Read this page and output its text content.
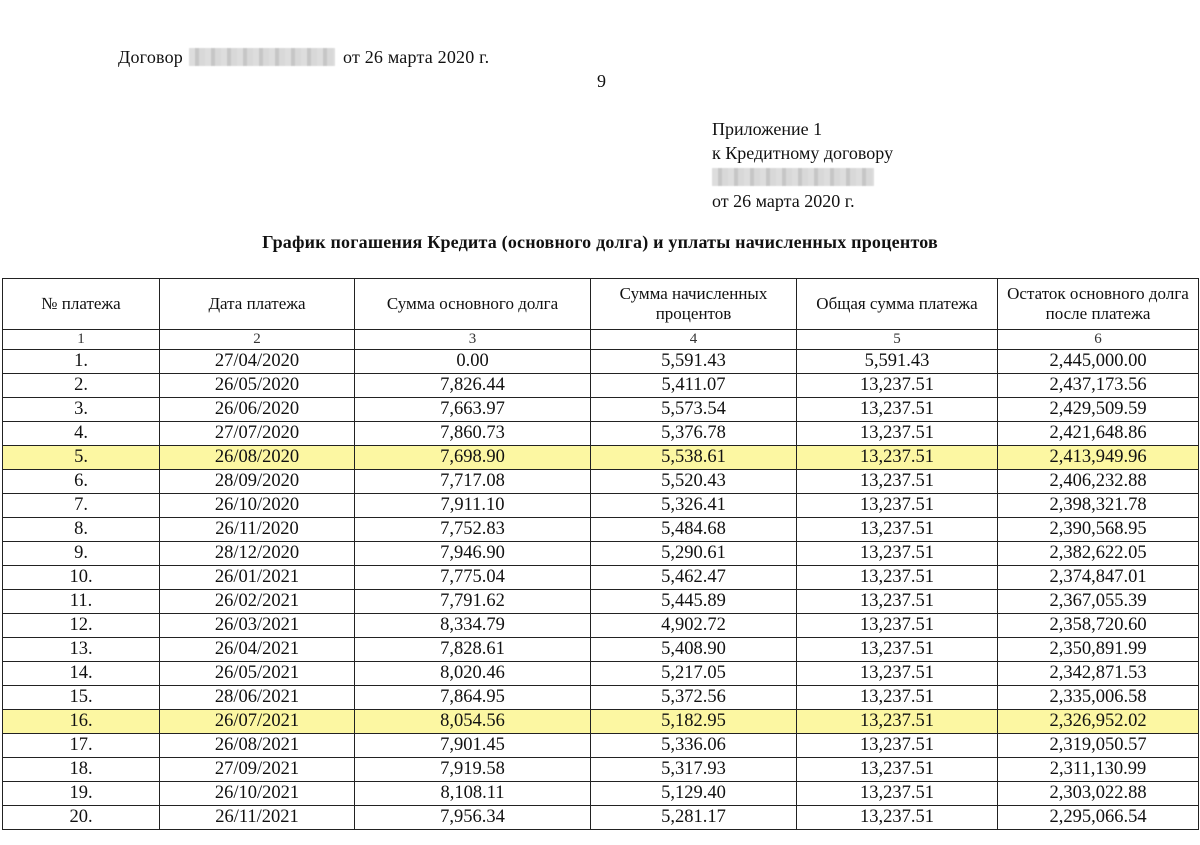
Договор	от 26 марта 2020 г.
9
Приложение 1
к Кредитному договору
от 26 марта 2020 г.
График погашения Кредита (основного долга) и уплаты начисленных процентов
№ платежа	Дата платежа	Сумма основного долга	Сумма начисленных процентов	Общая сумма платежа	Остаток основного долга после платежа
1	2	3	4	5	6
1.	27/04/2020	0.00	5,591.43	5,591.43	2,445,000.00
2.	26/05/2020	7,826.44	5,411.07	13,237.51	2,437,173.56
3.	26/06/2020	7,663.97	5,573.54	13,237.51	2,429,509.59
4.	27/07/2020	7,860.73	5,376.78	13,237.51	2,421,648.86
5.	26/08/2020	7,698.90	5,538.61	13,237.51	2,413,949.96
6.	28/09/2020	7,717.08	5,520.43	13,237.51	2,406,232.88
7.	26/10/2020	7,911.10	5,326.41	13,237.51	2,398,321.78
8.	26/11/2020	7,752.83	5,484.68	13,237.51	2,390,568.95
9.	28/12/2020	7,946.90	5,290.61	13,237.51	2,382,622.05
10.	26/01/2021	7,775.04	5,462.47	13,237.51	2,374,847.01
11.	26/02/2021	7,791.62	5,445.89	13,237.51	2,367,055.39
12.	26/03/2021	8,334.79	4,902.72	13,237.51	2,358,720.60
13.	26/04/2021	7,828.61	5,408.90	13,237.51	2,350,891.99
14.	26/05/2021	8,020.46	5,217.05	13,237.51	2,342,871.53
15.	28/06/2021	7,864.95	5,372.56	13,237.51	2,335,006.58
16.	26/07/2021	8,054.56	5,182.95	13,237.51	2,326,952.02
17.	26/08/2021	7,901.45	5,336.06	13,237.51	2,319,050.57
18.	27/09/2021	7,919.58	5,317.93	13,237.51	2,311,130.99
19.	26/10/2021	8,108.11	5,129.40	13,237.51	2,303,022.88
20.	26/11/2021	7,956.34	5,281.17	13,237.51	2,295,066.54
